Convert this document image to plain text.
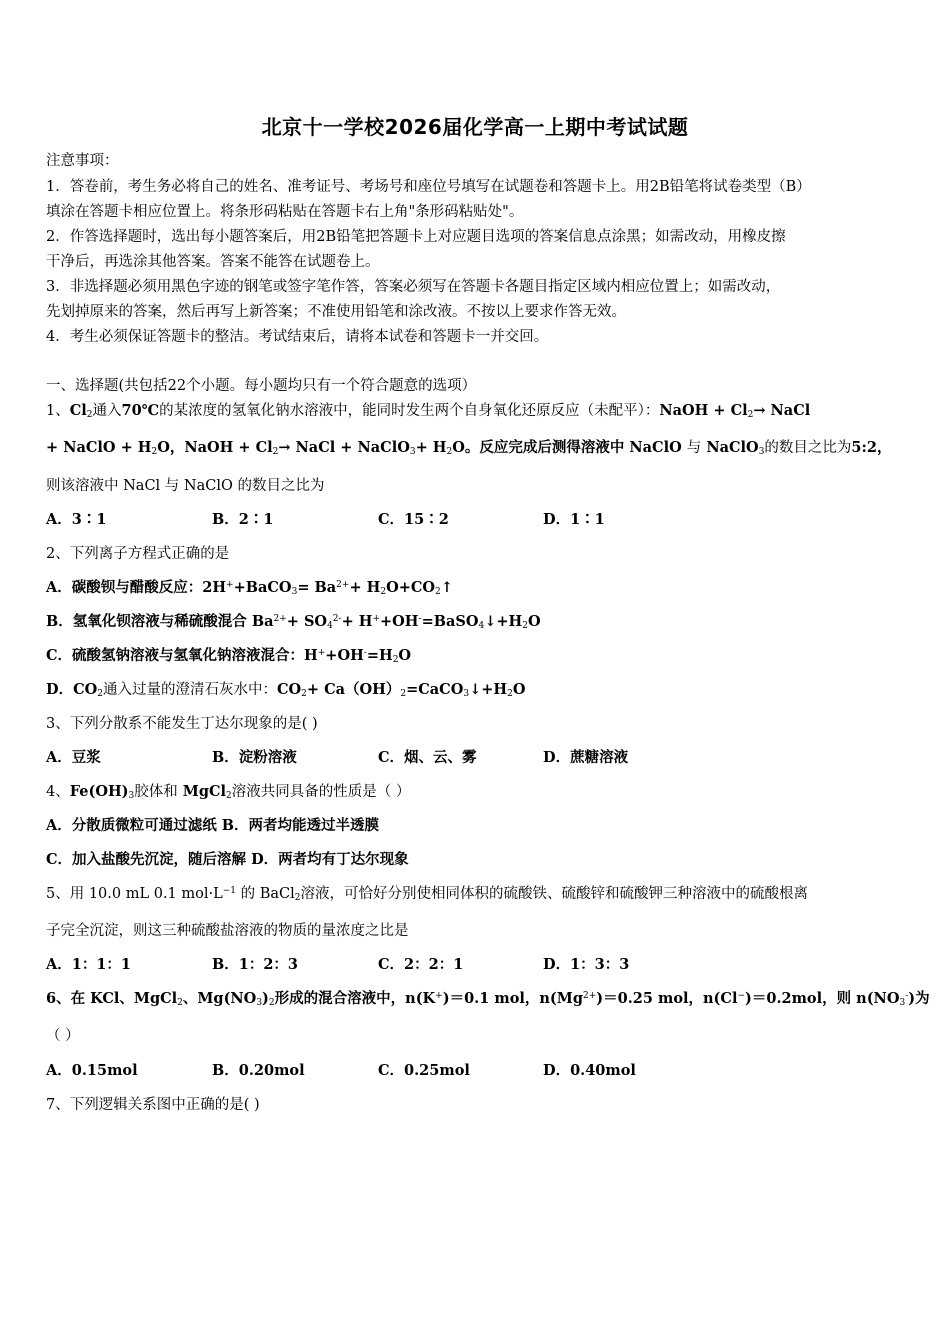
北京十一学校2026届化学高一上期中考试试题
注意事项：
1．答卷前，考生务必将自己的姓名、准考证号、考场号和座位号填写在试题卷和答题卡上。用2B铅笔将试卷类型（B）
填涂在答题卡相应位置上。将条形码粘贴在答题卡右上角"条形码粘贴处"。
2．作答选择题时，选出每小题答案后，用2B铅笔把答题卡上对应题目选项的答案信息点涂黑；如需改动，用橡皮擦
干净后，再选涂其他答案。答案不能答在试题卷上。
3．非选择题必须用黑色字迹的钢笔或签字笔作答，答案必须写在答题卡各题目指定区域内相应位置上；如需改动，
先划掉原来的答案，然后再写上新答案；不准使用铅笔和涂改液。不按以上要求作答无效。
4．考生必须保证答题卡的整洁。考试结束后，请将本试卷和答题卡一并交回。
一、选择题(共包括22个小题。每小题均只有一个符合题意的选项）
1、$Cl_2$通入70℃的某浓度的氢氧化钠水溶液中，能同时发生两个自身氧化还原反应（未配平）：NaOH + $Cl_2\to$ NaCl
+ NaClO + $H_2O$，NaOH + $Cl_2\to$ NaCl + NaClO$_3$+ $H_2O$。反应完成后测得溶液中 NaClO 与 NaClO$_3$的数目之比为5:2，
则该溶液中 NaCl 与 NaClO 的数目之比为
A．3∶1	B．2∶1	C．15∶2	D．1∶1
2、下列离子方程式正确的是
A．碳酸钡与醋酸反应：2H++BaCO$_3$= $Ba^{2+}+$ $H_2O+CO_2↑$
B．氢氧化钡溶液与稀硫酸混合 $Ba^{2+}+ SO_4^{2-}+$ $H^++OH^-=BaSO_4↓+H_2O$
C．硫酸氢钠溶液与氢氧化钠溶液混合：$H^++OH^-=H_2O$
D．$CO_2$通入过量的澄清石灰水中：$CO_2+$ $Ca(OH)_2=CaCO_3↓+H_2O$
3、下列分散系不能发生丁达尔现象的是( )
A．豆浆	B．淀粉溶液	C．烟、云、雾	D．蔗糖溶液
4、$Fe(OH)_3$胶体和 MgCl$_2$溶液共同具备的性质是（ ）
A．分散质微粒可通过滤纸 B．两者均能透过半透膜
C．加入盐酸先沉淀，随后溶解 D．两者均有丁达尔现象
5、用 10.0 mL 0.1 $mol\cdot L^{-1}$ 的 BaCl$_2$溶液，可恰好分别使相同体积的硫酸铁、硫酸锌和硫酸钾三种溶液中的硫酸根离
子完全沉淀，则这三种硫酸盐溶液的物质的量浓度之比是
A．1：1：1	B．1：2：3	C．2：2：1	D．1：3：3
6、在 KCl、MgCl$_2$、$Mg(NO_3)_2$形成的混合溶液中，n(K+)＝0.1 mol，$n(Mg^{2+})=0.25$ mol，n(Cl−)＝0.2mol，则 $n(NO_3^-)$为
（ ）
A．0.15mol	B．0.20mol	C．0.25mol	D．0.40mol
7、下列逻辑关系图中正确的是( )
